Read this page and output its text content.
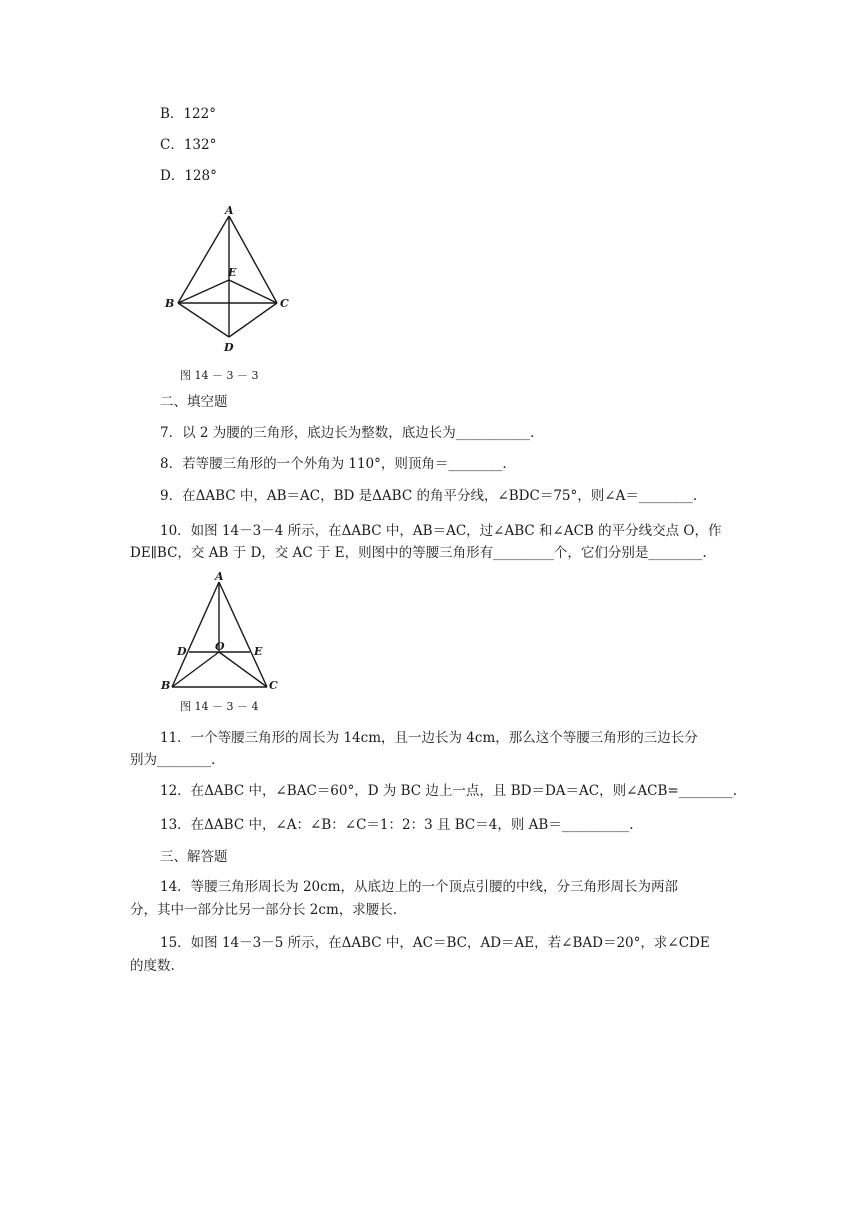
B．122°
C．132°
D．128°
A
E
B	C
D
图 14 － 3 － 3
二、填空题
7．以 2 为腰的三角形，底边长为整数，底边长为___________.
8．若等腰三角形的一个外角为 110°，则顶角＝________.
9．在ΔABC 中，AB＝AC，BD 是ΔABC 的角平分线，∠BDC＝75°，则∠A＝________.
10．如图 14－3－4 所示，在ΔABC 中，AB＝AC，过∠ABC 和∠ACB 的平分线交点 O，作
DE∥BC，交 AB 于 D，交 AC 于 E，则图中的等腰三角形有_________个，它们分别是________.
A
D	O	E
B	C
图 14 － 3 － 4
11．一个等腰三角形的周长为 14cm，且一边长为 4cm，那么这个等腰三角形的三边长分
别为________.
12．在ΔABC 中，∠BAC＝60°，D 为 BC 边上一点，且 BD＝DA＝AC，则∠ACB=________.
13．在ΔABC 中，∠A：∠B：∠C＝1：2：3 且 BC＝4，则 AB＝__________.
三、解答题
14．等腰三角形周长为 20cm，从底边上的一个顶点引腰的中线，分三角形周长为两部
分，其中一部分比另一部分长 2cm，求腰长.
15．如图 14－3－5 所示，在ΔABC 中，AC＝BC，AD＝AE，若∠BAD＝20°，求∠CDE
的度数.
